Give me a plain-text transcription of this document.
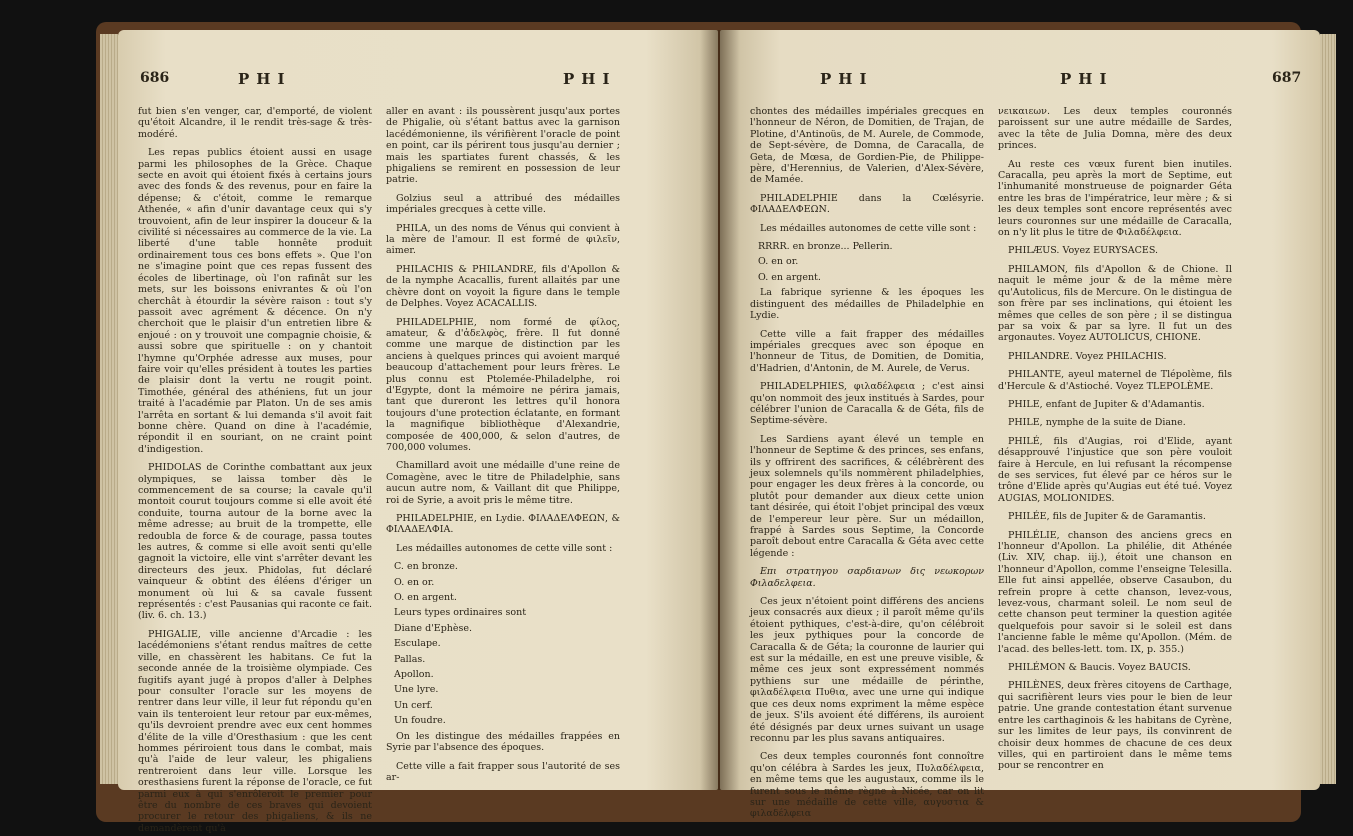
686	PHI	PHI

fut bien s'en venger, car, d'emporté, de violent qu'étoit Alcandre, il le rendit très-sage & très-modéré.

Les repas publics étoient aussi en usage parmi les philosophes de la Grèce. Chaque secte en avoit qui étoient fixés à certains jours avec des fonds & des revenus, pour en faire la dépense; & c'étoit, comme le remarque Athenée, « afin d'unir davantage ceux qui s'y trouvoient, afin de leur inspirer la douceur & la civilité si nécessaires au commerce de la vie. La liberté d'une table honnête produit ordinairement tous ces bons effets ». Que l'on ne s'imagine point que ces repas fussent des écoles de libertinage, où l'on rafinât sur les mets, sur les boissons enivrantes & où l'on cherchât à étourdir la sévère raison : tout s'y passoit avec agrément & décence. On n'y cherchoit que le plaisir d'un entretien libre & enjoué : on y trouvoit une compagnie choisie, & aussi sobre que spirituelle : on y chantoit l'hymne qu'Orphée adresse aux muses, pour faire voir qu'elles président à toutes les parties de plaisir dont la vertu ne rougit point. Timothée, général des athéniens, fut un jour traité à l'académie par Platon. Un de ses amis l'arrêta en sortant & lui demanda s'il avoit fait bonne chère. Quand on dine à l'académie, répondit il en souriant, on ne craint point d'indigestion.

PHIDOLAS de Corinthe combattant aux jeux olympiques, se laissa tomber dès le commencement de sa course; la cavale qu'il montoit courut toujours comme si elle avoit été conduite, tourna autour de la borne avec la même adresse; au bruit de la trompette, elle redoubla de force & de courage, passa toutes les autres, & comme si elle avoit senti qu'elle gagnoit la victoire, elle vint s'arrêter devant les directeurs des jeux. Phidolas, fut déclaré vainqueur & obtint des éléens d'ériger un monument où lui & sa cavale fussent représentés : c'est Pausanias qui raconte ce fait. (liv. 6. ch. 13.)

PHIGALIE, ville ancienne d'Arcadie : les lacédémoniens s'étant rendus maîtres de cette ville, en chassèrent les habitans. Ce fut la seconde année de la troisième olympiade. Ces fugitifs ayant jugé à propos d'aller à Delphes pour consulter l'oracle sur les moyens de rentrer dans leur ville, il leur fut répondu qu'en vain ils tenteroient leur retour par eux-mêmes, qu'ils devroient prendre avec eux cent hommes d'élite de la ville d'Oresthasium : que les cent hommes périroient tous dans le combat, mais qu'à l'aide de leur valeur, les phigaliens rentreroient dans leur ville. Lorsque les oresthasiens furent la réponse de l'oracle, ce fut parmi eux à qui s'enrôleroit le premier pour être du nombre de ces braves qui devoient procurer le retour des phigaliens, & ils ne demandèrent qu'à

aller en avant : ils poussèrent jusqu'aux portes de Phigalie, où s'étant battus avec la garnison lacédémonienne, ils vérifièrent l'oracle de point en point, car ils périrent tous jusqu'au dernier ; mais les spartiates furent chassés, & les phigaliens se remirent en possession de leur patrie.

Golzius seul a attribué des médailles impériales grecques à cette ville.

PHILA, un des noms de Vénus qui convient à la mère de l'amour. Il est formé de φιλεῖν, aimer.

PHILACHIS & PHILANDRE, fils d'Apollon & de la nymphe Acacallis, furent allaités par une chèvre dont on voyoit la figure dans le temple de Delphes. Voyez ACACALLIS.

PHILADELPHIE, nom formé de φίλος, amateur, & d'ἀδελφὸς, frère. Il fut donné comme une marque de distinction par les anciens à quelques princes qui avoient marqué beaucoup d'attachement pour leurs frères. Le plus connu est Ptolemée-Philadelphe, roi d'Egypte, dont la mémoire ne périra jamais, tant que dureront les lettres qu'il honora toujours d'une protection éclatante, en formant la magnifique bibliothèque d'Alexandrie, composée de 400,000, & selon d'autres, de 700,000 volumes.

Chamillard avoit une médaille d'une reine de Comagène, avec le titre de Philadelphie, sans aucun autre nom, & Vaillant dit que Philippe, roi de Syrie, a avoit pris le même titre.

PHILADELPHIE, en Lydie. ΦΙΛΑΔΕΛΦΕΩΝ, & ΦΙΛΑΔΕΛΦΙΑ.

Les médailles autonomes de cette ville sont :

C. en bronze.
O. en or.
O. en argent.
Leurs types ordinaires sont
Diane d'Ephèse.
Esculape.
Pallas.
Apollon.
Une lyre.
Un cerf.
Un foudre.

On les distingue des médailles frappées en Syrie par l'absence des époques.

Cette ville a fait frapper sous l'autorité de ses ar-

PHI	PHI	687

chontes des médailles impériales grecques en l'honneur de Néron, de Domitien, de Trajan, de Plotine, d'Antinoüs, de M. Aurele, de Commode, de Sept-sévère, de Domna, de Caracalla, de Geta, de Mœsa, de Gordien-Pie, de Philippe-père, d'Herennius, de Valerien, d'Alex-Sévère, de Mamée.

PHILADELPHIE dans la Cœlésyrie. ΦΙΛΑΔΕΛΦΕΩΝ.

Les médailles autonomes de cette ville sont :

RRRR. en bronze... Pellerin.
O. en or.
O. en argent.

La fabrique syrienne & les époques les distinguent des médailles de Philadelphie en Lydie.

Cette ville a fait frapper des médailles impériales grecques avec son époque en l'honneur de Titus, de Domitien, de Domitia, d'Hadrien, d'Antonin, de M. Aurele, de Verus.

PHILADELPHIES, φιλαδέλφεια ; c'est ainsi qu'on nommoit des jeux institués à Sardes, pour célébrer l'union de Caracalla & de Géta, fils de Septime-sévère.

Les Sardiens ayant élevé un temple en l'honneur de Septime & des princes, ses enfans, ils y offrirent des sacrifices, & célébrèrent des jeux solemnels qu'ils nommèrent philadelphies, pour engager les deux frères à la concorde, ou plutôt pour demander aux dieux cette union tant désirée, qui étoit l'objet principal des vœux de l'empereur leur père. Sur un médaillon, frappé à Sardes sous Septime, la Concorde paroît debout entre Caracalla & Géta avec cette légende :

Επι στρατηγου σαρδιανων δις νεωκορων Φιλαδελφεια.

Ces jeux n'étoient point différens des anciens jeux consacrés aux dieux ; il paroît même qu'ils étoient pythiques, c'est-à-dire, qu'on célébroit les jeux pythiques pour la concorde de Caracalla & de Géta; la couronne de laurier qui est sur la médaille, en est une preuve visible, & même ces jeux sont expressément nommés pythiens sur une médaille de périnthe, φιλαδέλφεια Πυθια, avec une urne qui indique que ces deux noms expriment la même espèce de jeux. S'ils avoient été différens, ils auroient été désignés par deux urnes suivant un usage reconnu par les plus savans antiquaires.

Ces deux temples couronnés font connoître qu'on célébra à Sardes les jeux, Πυλαδέλφεια, en même tems que les augustaux, comme ils le furent sous le même règne à Nicée, car on lit sur une médaille de cette ville, αυγυστια & φιλαδέλφεια

νεικαιεων. Les deux temples couronnés paroissent sur une autre médaille de Sardes, avec la tête de Julia Domna, mère des deux princes.

Au reste ces vœux furent bien inutiles. Caracalla, peu après la mort de Septime, eut l'inhumanité monstrueuse de poignarder Géta entre les bras de l'impératrice, leur mère ; & si les deux temples sont encore représentés avec leurs couronnes sur une médaille de Caracalla, on n'y lit plus le titre de Φιλαδέλφεια.

PHILÆUS. Voyez EURYSACES.

PHILAMON, fils d'Apollon & de Chione. Il naquit le même jour & de la même mère qu'Autolicus, fils de Mercure. On le distingua de son frère par ses inclinations, qui étoient les mêmes que celles de son père ; il se distingua par sa voix & par sa lyre. Il fut un des argonautes. Voyez AUTOLICUS, CHIONE.

PHILANDRE. Voyez PHILACHIS.

PHILANTE, ayeul maternel de Tlépolème, fils d'Hercule & d'Astioché. Voyez TLEPOLÈME.

PHILE, enfant de Jupiter & d'Adamantis.

PHILE, nymphe de la suite de Diane.

PHILÉ, fils d'Augias, roi d'Elide, ayant désapprouvé l'injustice que son père vouloit faire à Hercule, en lui refusant la récompense de ses services, fut élevé par ce héros sur le trône d'Elide après qu'Augias eut été tué. Voyez AUGIAS, MOLIONIDES.

PHILÉE, fils de Jupiter & de Garamantis.

PHILÉLIE, chanson des anciens grecs en l'honneur d'Apollon. La philélie, dit Athénée (Liv. XIV, chap. iij.), étoit une chanson en l'honneur d'Apollon, comme l'enseigne Telesilla. Elle fut ainsi appellée, observe Casaubon, du refrein propre à cette chanson, levez-vous, levez-vous, charmant soleil. Le nom seul de cette chanson peut terminer la question agitée quelquefois pour savoir si le soleil est dans l'ancienne fable le même qu'Apollon. (Mém. de l'acad. des belles-lett. tom. IX, p. 355.)

PHILÉMON & Baucis. Voyez BAUCIS.

PHILÈNES, deux frères citoyens de Carthage, qui sacrifièrent leurs vies pour le bien de leur patrie. Une grande contestation étant survenue entre les carthaginois & les habitans de Cyrène, sur les limites de leur pays, ils convinrent de choisir deux hommes de chacune de ces deux villes, qui en partiroient dans le même tems pour se rencontrer en
